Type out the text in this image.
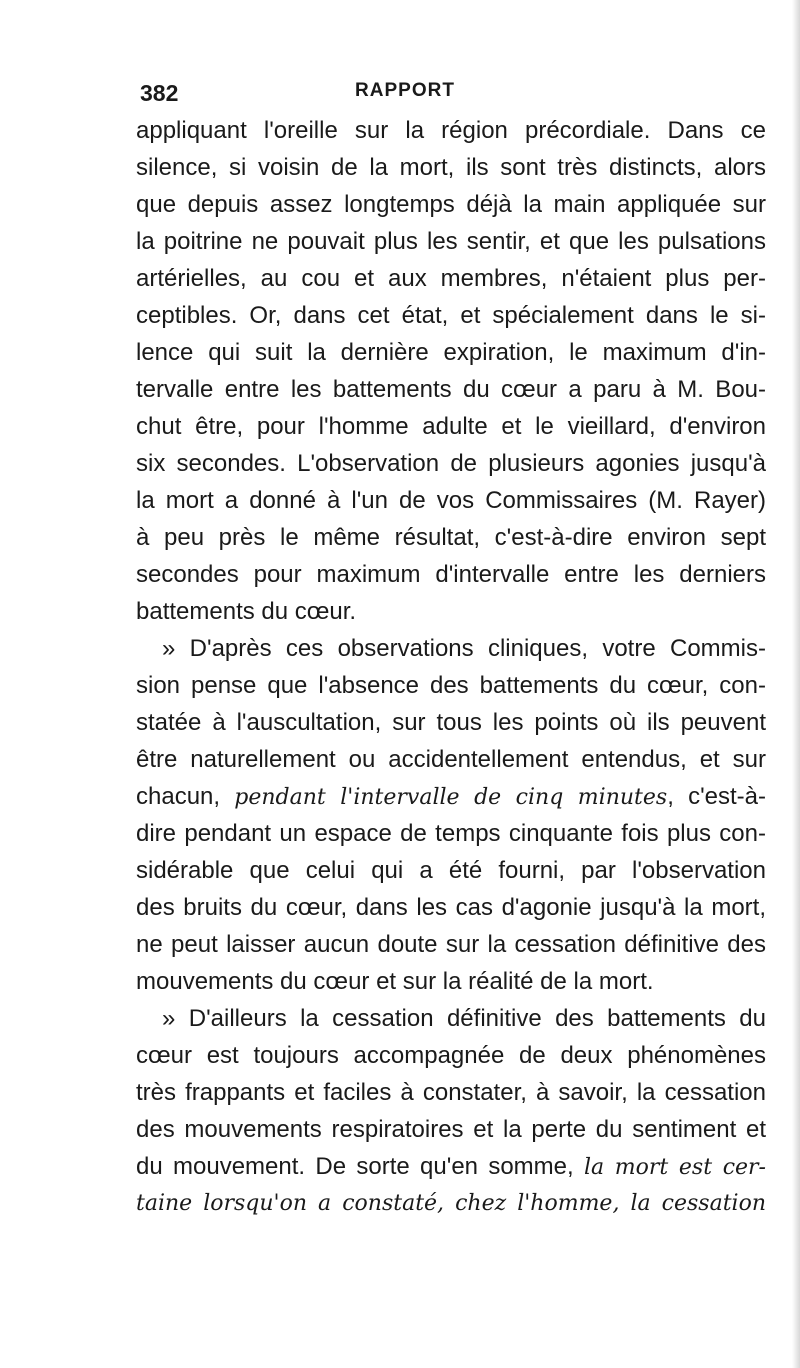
382	RAPPORT
appliquant l'oreille sur la région précordiale. Dans ce
silence, si voisin de la mort, ils sont très distincts, alors
que depuis assez longtemps déjà la main appliquée sur
la poitrine ne pouvait plus les sentir, et que les pulsations
artérielles, au cou et aux membres, n'étaient plus per-
ceptibles. Or, dans cet état, et spécialement dans le si-
lence qui suit la dernière expiration, le maximum d'in-
tervalle entre les battements du cœur a paru à M. Bou-
chut être, pour l'homme adulte et le vieillard, d'environ
six secondes. L'observation de plusieurs agonies jusqu'à
la mort a donné à l'un de vos Commissaires (M. Rayer)
à peu près le même résultat, c'est-à-dire environ sept
secondes pour maximum d'intervalle entre les derniers
battements du cœur.
» D'après ces observations cliniques, votre Commis-
sion pense que l'absence des battements du cœur, con-
statée à l'auscultation, sur tous les points où ils peuvent
être naturellement ou accidentellement entendus, et sur
chacun, pendant l'intervalle de cinq minutes, c'est-à-
dire pendant un espace de temps cinquante fois plus con-
sidérable que celui qui a été fourni, par l'observation
des bruits du cœur, dans les cas d'agonie jusqu'à la mort,
ne peut laisser aucun doute sur la cessation définitive des
mouvements du cœur et sur la réalité de la mort.
» D'ailleurs la cessation définitive des battements du
cœur est toujours accompagnée de deux phénomènes
très frappants et faciles à constater, à savoir, la cessation
des mouvements respiratoires et la perte du sentiment et
du mouvement. De sorte qu'en somme, la mort est cer-
taine lorsqu'on a constaté, chez l'homme, la cessation
